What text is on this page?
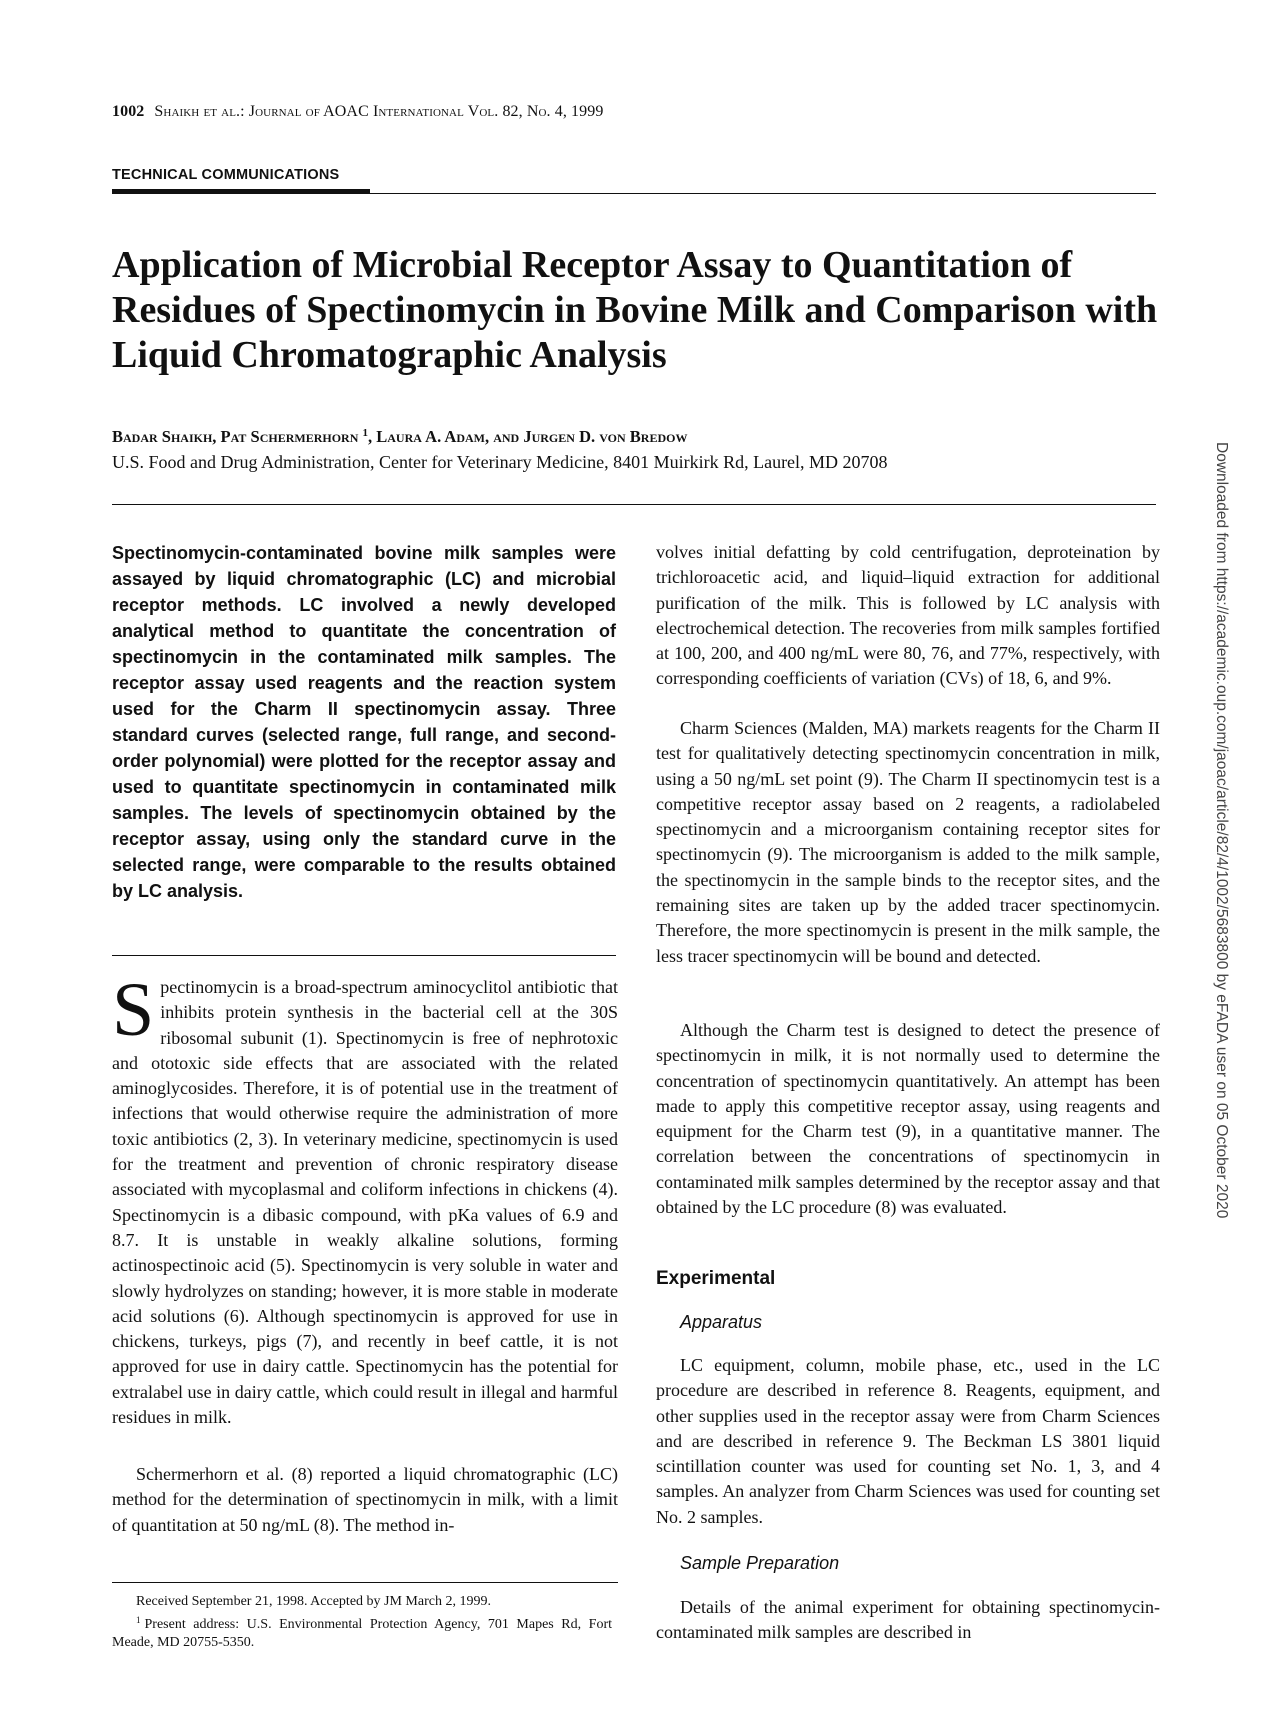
1002 Shaikh et al.: Journal of AOAC International Vol. 82, No. 4, 1999
TECHNICAL COMMUNICATIONS
Application of Microbial Receptor Assay to Quantitation of Residues of Spectinomycin in Bovine Milk and Comparison with Liquid Chromatographic Analysis
Badar Shaikh, Pat Schermerhorn $^1$, Laura A. Adam, and Jurgen D. von Bredow
U.S. Food and Drug Administration, Center for Veterinary Medicine, 8401 Muirkirk Rd, Laurel, MD 20708

Spectinomycin-contaminated bovine milk samples were assayed by liquid chromatographic (LC) and microbial receptor methods. LC involved a newly developed analytical method to quantitate the concentration of spectinomycin in the contaminated milk samples. The receptor assay used reagents and the reaction system used for the Charm II spectinomycin assay. Three standard curves (selected range, full range, and second-order polynomial) were plotted for the receptor assay and used to quantitate spectinomycin in contaminated milk samples. The levels of spectinomycin obtained by the receptor assay, using only the standard curve in the selected range, were comparable to the results obtained by LC analysis.

Spectinomycin is a broad-spectrum aminocyclitol antibiotic that inhibits protein synthesis in the bacterial cell at the 30S ribosomal subunit (1). Spectinomycin is free of nephrotoxic and ototoxic side effects that are associated with the related aminoglycosides. Therefore, it is of potential use in the treatment of infections that would otherwise require the administration of more toxic antibiotics (2, 3). In veterinary medicine, spectinomycin is used for the treatment and prevention of chronic respiratory disease associated with mycoplasmal and coliform infections in chickens (4). Spectinomycin is a dibasic compound, with pKa values of 6.9 and 8.7. It is unstable in weakly alkaline solutions, forming actinospectinoic acid (5). Spectinomycin is very soluble in water and slowly hydrolyzes on standing; however, it is more stable in moderate acid solutions (6). Although spectinomycin is approved for use in chickens, turkeys, pigs (7), and recently in beef cattle, it is not approved for use in dairy cattle. Spectinomycin has the potential for extralabel use in dairy cattle, which could result in illegal and harmful residues in milk.

Schermerhorn et al. (8) reported a liquid chromatographic (LC) method for the determination of spectinomycin in milk, with a limit of quantitation at 50 ng/mL (8). The method in-

Received September 21, 1998. Accepted by JM March 2, 1999.

$^1$ Present address: U.S. Environmental Protection Agency, 701 Mapes Rd, Fort Meade, MD 20755-5350.

volves initial defatting by cold centrifugation, deproteination by trichloroacetic acid, and liquid–liquid extraction for additional purification of the milk. This is followed by LC analysis with electrochemical detection. The recoveries from milk samples fortified at 100, 200, and 400 ng/mL were 80, 76, and 77%, respectively, with corresponding coefficients of variation (CVs) of 18, 6, and 9%.

Charm Sciences (Malden, MA) markets reagents for the Charm II test for qualitatively detecting spectinomycin concentration in milk, using a 50 ng/mL set point (9). The Charm II spectinomycin test is a competitive receptor assay based on 2 reagents, a radiolabeled spectinomycin and a microorganism containing receptor sites for spectinomycin (9). The microorganism is added to the milk sample, the spectinomycin in the sample binds to the receptor sites, and the remaining sites are taken up by the added tracer spectinomycin. Therefore, the more spectinomycin is present in the milk sample, the less tracer spectinomycin will be bound and detected.

Although the Charm test is designed to detect the presence of spectinomycin in milk, it is not normally used to determine the concentration of spectinomycin quantitatively. An attempt has been made to apply this competitive receptor assay, using reagents and equipment for the Charm test (9), in a quantitative manner. The correlation between the concentrations of spectinomycin in contaminated milk samples determined by the receptor assay and that obtained by the LC procedure (8) was evaluated.

Experimental
Apparatus

LC equipment, column, mobile phase, etc., used in the LC procedure are described in reference 8. Reagents, equipment, and other supplies used in the receptor assay were from Charm Sciences and are described in reference 9. The Beckman LS 3801 liquid scintillation counter was used for counting set No. 1, 3, and 4 samples. An analyzer from Charm Sciences was used for counting set No. 2 samples.

Sample Preparation

Details of the animal experiment for obtaining spectinomycin-contaminated milk samples are described in

Downloaded from https://academic.oup.com/jaoac/article/82/4/1002/5683800 by eFADA user on 05 October 2020
